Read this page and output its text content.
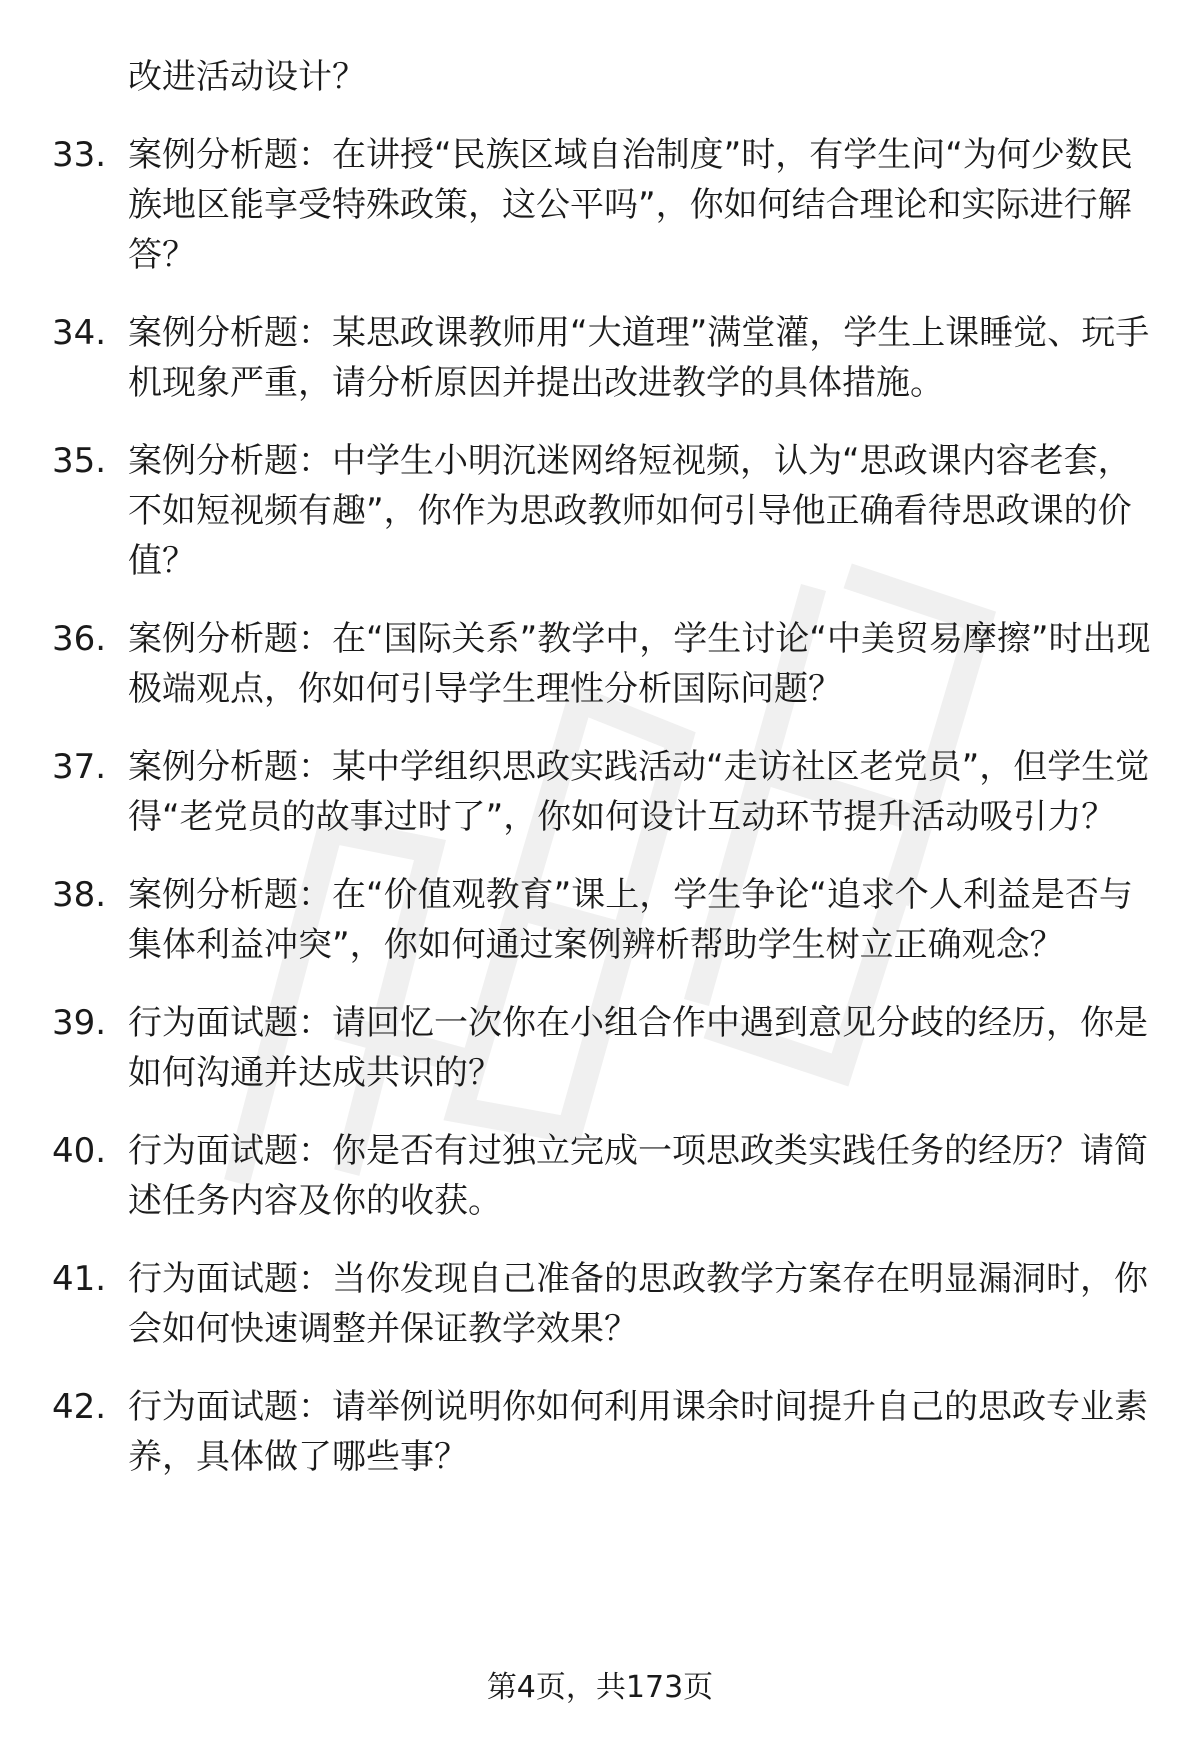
改进活动设计？
33. 案例分析题：在讲授“民族区域自治制度”时，有学生问“为何少数民族地区能享受特殊政策，这公平吗”，你如何结合理论和实际进行解答？
34. 案例分析题：某思政课教师用“大道理”满堂灌，学生上课睡觉、玩手机现象严重，请分析原因并提出改进教学的具体措施。
35. 案例分析题：中学生小明沉迷网络短视频，认为“思政课内容老套，不如短视频有趣”，你作为思政教师如何引导他正确看待思政课的价值？
36. 案例分析题：在“国际关系”教学中，学生讨论“中美贸易摩擦”时出现极端观点，你如何引导学生理性分析国际问题？
37. 案例分析题：某中学组织思政实践活动“走访社区老党员”，但学生觉得“老党员的故事过时了”，你如何设计互动环节提升活动吸引力？
38. 案例分析题：在“价值观教育”课上，学生争论“追求个人利益是否与集体利益冲突”，你如何通过案例辨析帮助学生树立正确观念？
39. 行为面试题：请回忆一次你在小组合作中遇到意见分歧的经历，你是如何沟通并达成共识的？
40. 行为面试题：你是否有过独立完成一项思政类实践任务的经历？请简述任务内容及你的收获。
41. 行为面试题：当你发现自己准备的思政教学方案存在明显漏洞时，你会如何快速调整并保证教学效果？
42. 行为面试题：请举例说明你如何利用课余时间提升自己的思政专业素养，具体做了哪些事？
第4页，共173页
